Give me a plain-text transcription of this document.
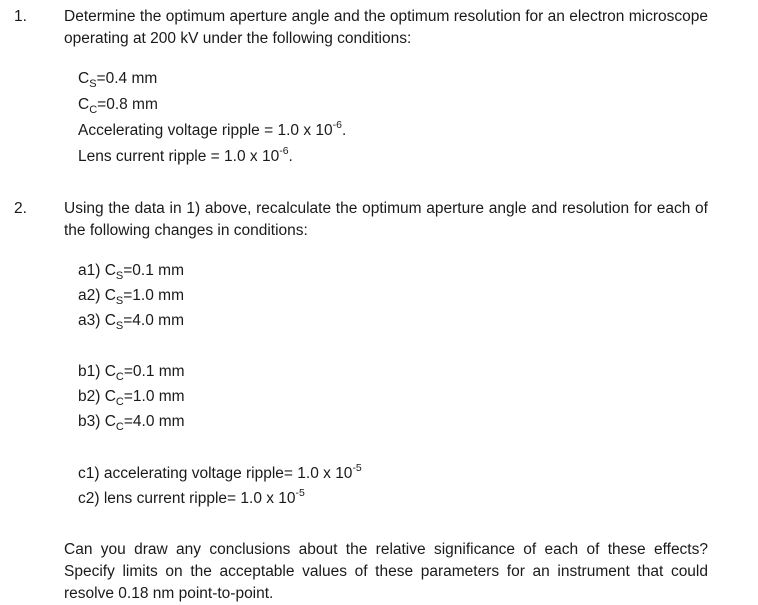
1. Determine the optimum aperture angle and the optimum resolution for an electron microscope operating at 200 kV under the following conditions:
$C_S=0.4$ mm
$C_C=0.8$ mm
Accelerating voltage ripple = 1.0 x $10^{-6}$.
Lens current ripple = 1.0 x $10^{-6}$.
2. Using the data in 1) above, recalculate the optimum aperture angle and resolution for each of the following changes in conditions:
a1) $C_S=0.1$ mm
a2) $C_S=1.0$ mm
a3) $C_S=4.0$ mm
b1) $C_C=0.1$ mm
b2) $C_C=1.0$ mm
b3) $C_C=4.0$ mm
c1) accelerating voltage ripple= 1.0 x $10^{-5}$
c2) lens current ripple= 1.0 x $10^{-5}$
Can you draw any conclusions about the relative significance of each of these effects? Specify limits on the acceptable values of these parameters for an instrument that could resolve 0.18 nm point-to-point.
